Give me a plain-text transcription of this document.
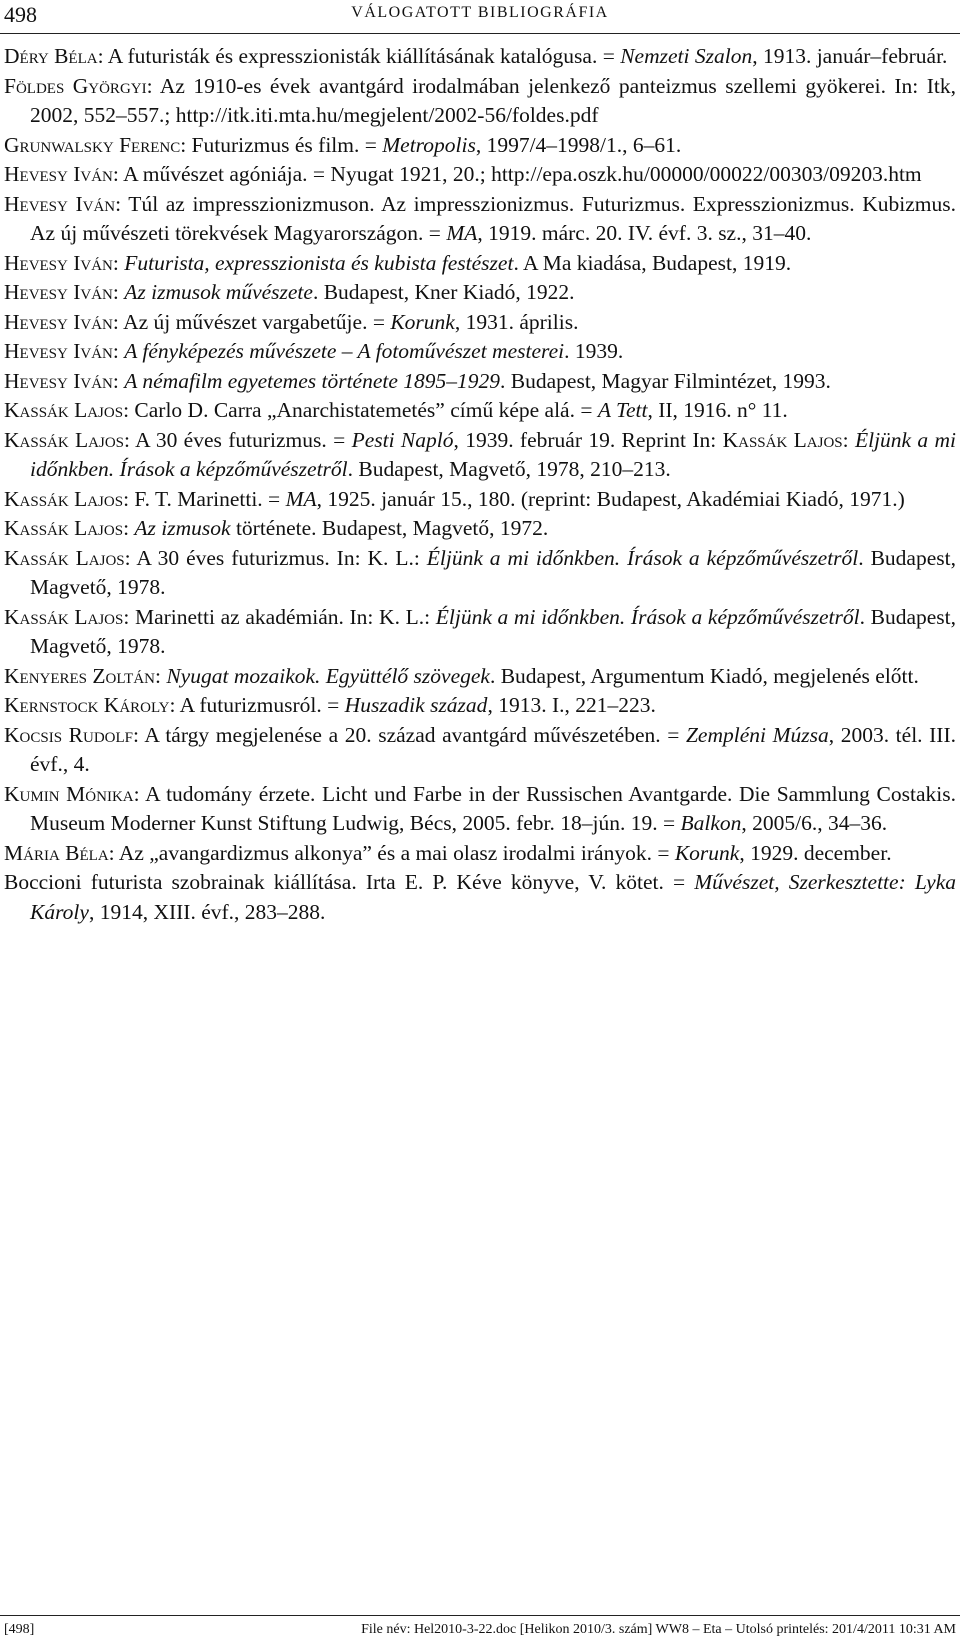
498	VÁLOGATOTT BIBLIOGRÁFIA

Déry Béla: A futuristák és expresszionisták kiállításának katalógusa. = Nemzeti Szalon, 1913. január–február.

Földes Györgyi: Az 1910-es évek avantgárd irodalmában jelenkező panteizmus szellemi gyökerei. In: Itk, 2002, 552–557.; http://itk.iti.mta.hu/megjelent/2002-56/foldes.pdf

Grunwalsky Ferenc: Futurizmus és film. = Metropolis, 1997/4–1998/1., 6–61.

Hevesy Iván: A művészet agóniája. = Nyugat 1921, 20.; http://epa.oszk.hu/00000/00022/00303/09203.htm

Hevesy Iván: Túl az impresszionizmuson. Az impresszionizmus. Futurizmus. Expresszionizmus. Kubizmus. Az új művészeti törekvések Magyarországon. = MA, 1919. márc. 20. IV. évf. 3. sz., 31–40.

Hevesy Iván: Futurista, expresszionista és kubista festészet. A Ma kiadása, Budapest, 1919.

Hevesy Iván: Az izmusok művészete. Budapest, Kner Kiadó, 1922.

Hevesy Iván: Az új művészet vargabetűje. = Korunk, 1931. április.

Hevesy Iván: A fényképezés művészete – A fotoművészet mesterei. 1939.

Hevesy Iván: A némafilm egyetemes története 1895–1929. Budapest, Magyar Filmintézet, 1993.

Kassák Lajos: Carlo D. Carra „Anarchistatemetés” című képe alá. = A Tett, II, 1916. n° 11.

Kassák Lajos: A 30 éves futurizmus. = Pesti Napló, 1939. február 19. Reprint In: Kassák Lajos: Éljünk a mi időnkben. Írások a képzőművészetről. Budapest, Magvető, 1978, 210–213.

Kassák Lajos: F. T. Marinetti. = MA, 1925. január 15., 180. (reprint: Budapest, Akadémiai Kiadó, 1971.)

Kassák Lajos: Az izmusok története. Budapest, Magvető, 1972.

Kassák Lajos: A 30 éves futurizmus. In: K. L.: Éljünk a mi időnkben. Írások a képzőművészetről. Budapest, Magvető, 1978.

Kassák Lajos: Marinetti az akadémián. In: K. L.: Éljünk a mi időnkben. Írások a képzőművészetről. Budapest, Magvető, 1978.

Kenyeres Zoltán: Nyugat mozaikok. Együttélő szövegek. Budapest, Argumentum Kiadó, megjelenés előtt.

Kernstock Károly: A futurizmusról. = Huszadik század, 1913. I., 221–223.

Kocsis Rudolf: A tárgy megjelenése a 20. század avantgárd művészetében. = Zempléni Múzsa, 2003. tél. III. évf., 4.

Kumin Mónika: A tudomány érzete. Licht und Farbe in der Russischen Avantgarde. Die Sammlung Costakis. Museum Moderner Kunst Stiftung Ludwig, Bécs, 2005. febr. 18–jún. 19. = Balkon, 2005/6., 34–36.

Mária Béla: Az „avangardizmus alkonya” és a mai olasz irodalmi irányok. = Korunk, 1929. december.

Boccioni futurista szobrainak kiállítása. Irta E. P. Kéve könyve, V. kötet. = Művészet, Szerkesztette: Lyka Károly, 1914, XIII. évf., 283–288.

[498]	File név: Hel2010-3-22.doc [Helikon 2010/3. szám] WW8 – Eta – Utolsó printelés: 201/4/2011 10:31 AM
